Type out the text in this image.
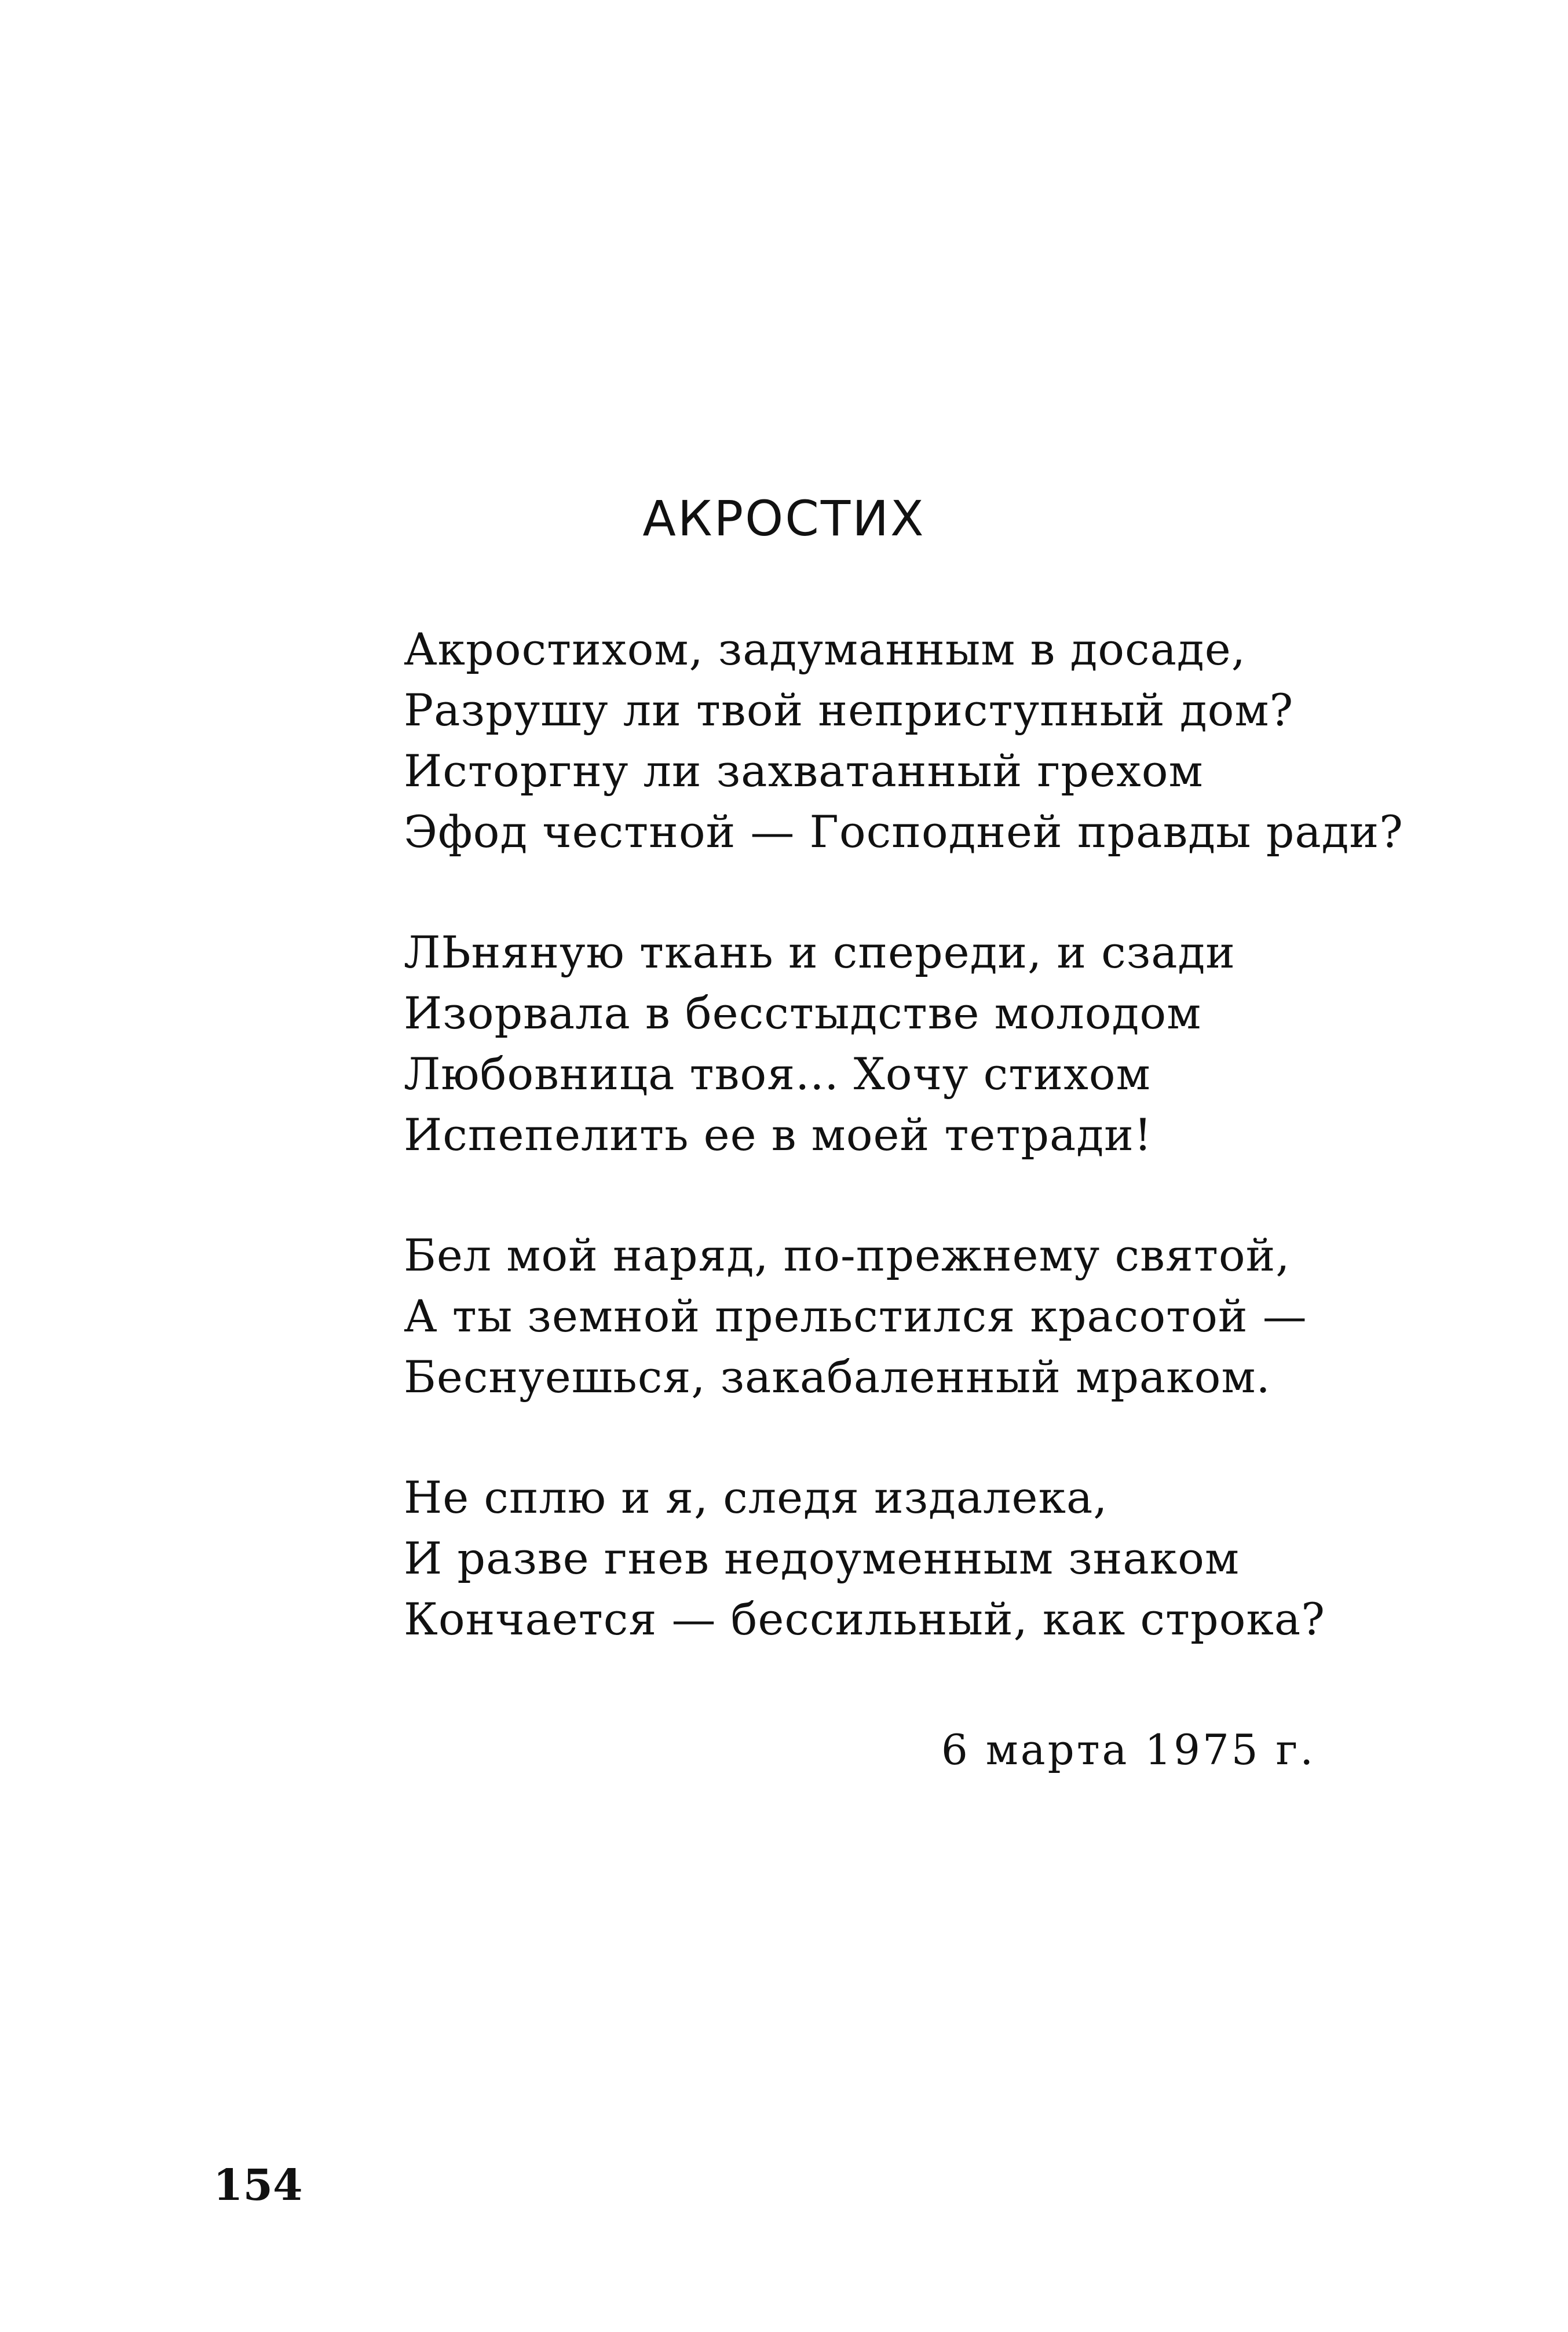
АКРОСТИХ
Акростихом, задуманным в досаде,
Разрушу ли твой неприступный дом?
Исторгну ли захватанный грехом
Эфод честной — Господней правды ради?
ЛЬняную ткань и спереди, и сзади
Изорвала в бесстыдстве молодом
Любовница твоя... Хочу стихом
Испепелить ее в моей тетради!
Бел мой наряд, по-прежнему святой,
А ты земной прельстился красотой —
Беснуешься, закабаленный мраком.
Не сплю и я, следя издалека,
И разве гнев недоуменным знаком
Кончается — бессильный, как строка?
6 марта 1975 г.
154
